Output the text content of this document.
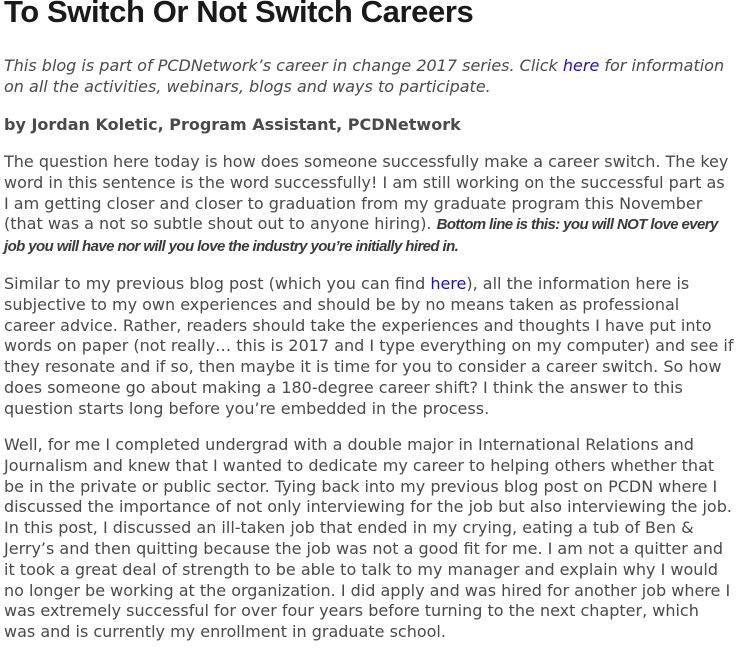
To Switch Or Not Switch Careers

This blog is part of PCDNetwork’s career in change 2017 series. Click here for information on all the activities, webinars, blogs and ways to participate.

by Jordan Koletic, Program Assistant, PCDNetwork

The question here today is how does someone successfully make a career switch. The key word in this sentence is the word successfully! I am still working on the successful part as I am getting closer and closer to graduation from my graduate program this November (that was a not so subtle shout out to anyone hiring). Bottom line is this: you will NOT love every job you will have nor will you love the industry you’re initially hired in.

Similar to my previous blog post (which you can find here), all the information here is subjective to my own experiences and should be by no means taken as professional career advice. Rather, readers should take the experiences and thoughts I have put into words on paper (not really… this is 2017 and I type everything on my computer) and see if they resonate and if so, then maybe it is time for you to consider a career switch. So how does someone go about making a 180-degree career shift? I think the answer to this question starts long before you’re embedded in the process.

Well, for me I completed undergrad with a double major in International Relations and Journalism and knew that I wanted to dedicate my career to helping others whether that be in the private or public sector. Tying back into my previous blog post on PCDN where I discussed the importance of not only interviewing for the job but also interviewing the job. In this post, I discussed an ill-taken job that ended in my crying, eating a tub of Ben & Jerry’s and then quitting because the job was not a good fit for me. I am not a quitter and it took a great deal of strength to be able to talk to my manager and explain why I would no longer be working at the organization. I did apply and was hired for another job where I was extremely successful for over four years before turning to the next chapter, which was and is currently my enrollment in graduate school.
